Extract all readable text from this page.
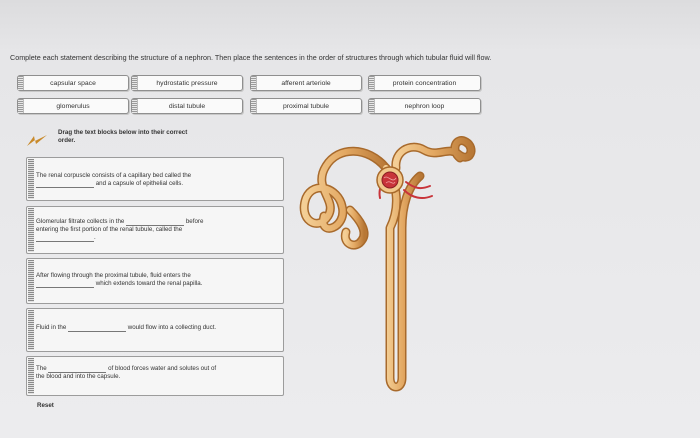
Complete each statement describing the structure of a nephron. Then place the sentences in the order of structures through which tubular fluid will flow.
capsular space	hydrostatic pressure	afferent arteriole	protein concentration
glomerulus	distal tubule	proximal tubule	nephron loop
Drag the text blocks below into their correct order.
The renal corpuscle consists of a capillary bed called the
and a capsule of epithelial cells.
Glomerular filtrate collects in the	before
entering the first portion of the renal tubule, called the
.
After flowing through the proximal tubule, fluid enters the
which extends toward the renal papilla.
Fluid in the	would flow into a collecting duct.
The	of blood forces water and solutes out of
the blood and into the capsule.
Reset
